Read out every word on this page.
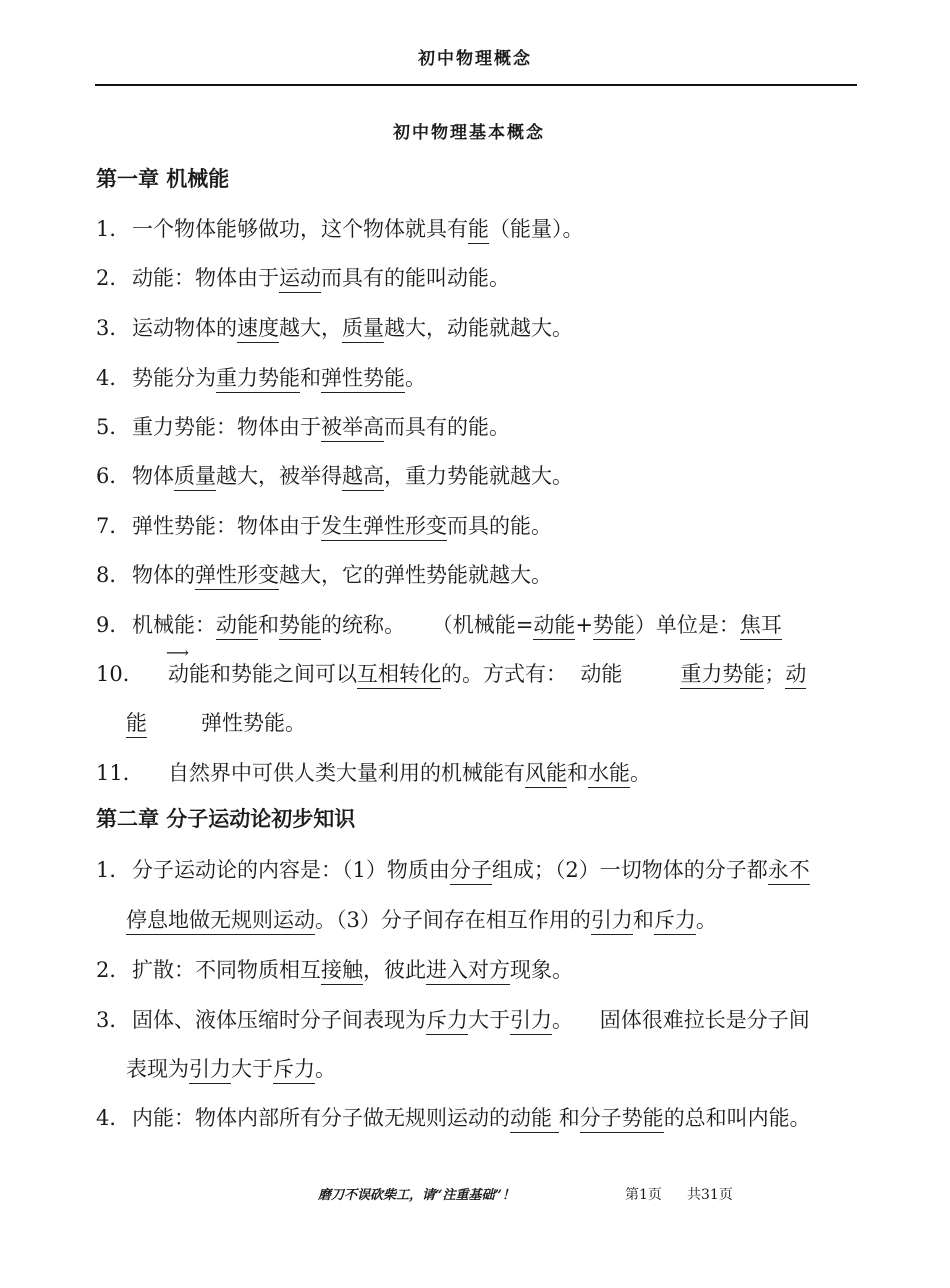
初中物理概念
初中物理基本概念
第一章 机械能
1．一个物体能够做功，这个物体就具有能（能量）。
2．动能：物体由于运动而具有的能叫动能。
3．运动物体的速度越大，质量越大，动能就越大。
4．势能分为重力势能和弹性势能。
5．重力势能：物体由于被举高而具有的能。
6．物体质量越大，被举得越高，重力势能就越大。
7．弹性势能：物体由于发生弹性形变而具的能。
8．物体的弹性形变越大，它的弹性势能就越大。
9．机械能：动能和势能的统称。 （机械能=动能+势能）单位是：焦耳
10．
⟶
动能和势能之间可以互相转化的。方式有： 动能	重力势能；动
能	弹性势能。
11． 自然界中可供人类大量利用的机械能有风能和水能。
第二章 分子运动论初步知识
1．分子运动论的内容是：（1）物质由分子组成；（2）一切物体的分子都永不
停息地做无规则运动。（3）分子间存在相互作用的引力和斥力。
2．扩散：不同物质相互接触，彼此进入对方现象。
3．固体、液体压缩时分子间表现为斥力大于引力。 固体很难拉长是分子间
表现为引力大于斥力。
4．内能：物体内部所有分子做无规则运动的动能 和分子势能的总和叫内能。
磨刀不误砍柴工，请“注重基础”！	第1页 共31页
